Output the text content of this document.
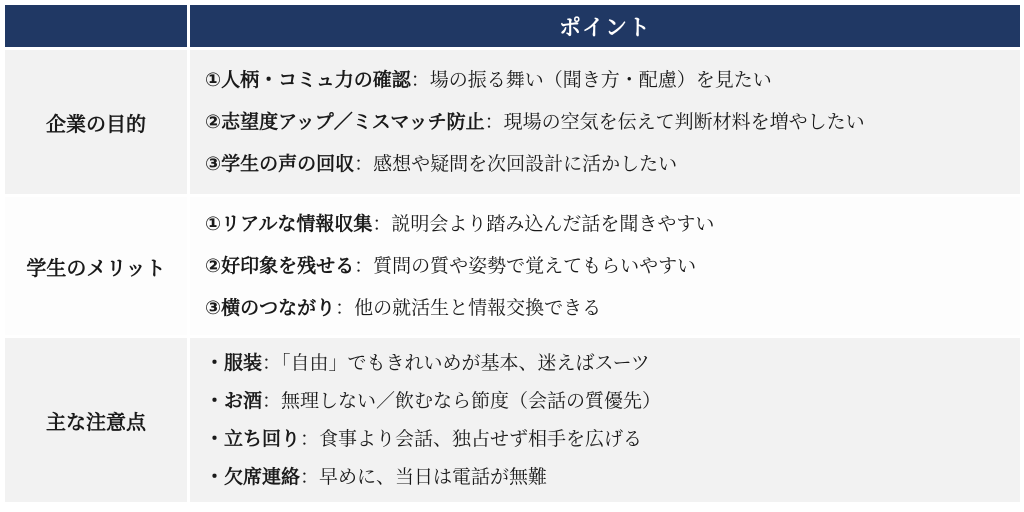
ポイント
企業の目的
①人柄・コミュ力の確認：場の振る舞い（聞き方・配慮）を見たい
②志望度アップ／ミスマッチ防止：現場の空気を伝えて判断材料を増やしたい
③学生の声の回収：感想や疑問を次回設計に活かしたい
学生のメリット
①リアルな情報収集：説明会より踏み込んだ話を聞きやすい
②好印象を残せる：質問の質や姿勢で覚えてもらいやすい
③横のつながり：他の就活生と情報交換できる
主な注意点
・服装：「自由」でもきれいめが基本、迷えばスーツ
・お酒：無理しない／飲むなら節度（会話の質優先）
・立ち回り：食事より会話、独占せず相手を広げる
・欠席連絡：早めに、当日は電話が無難
